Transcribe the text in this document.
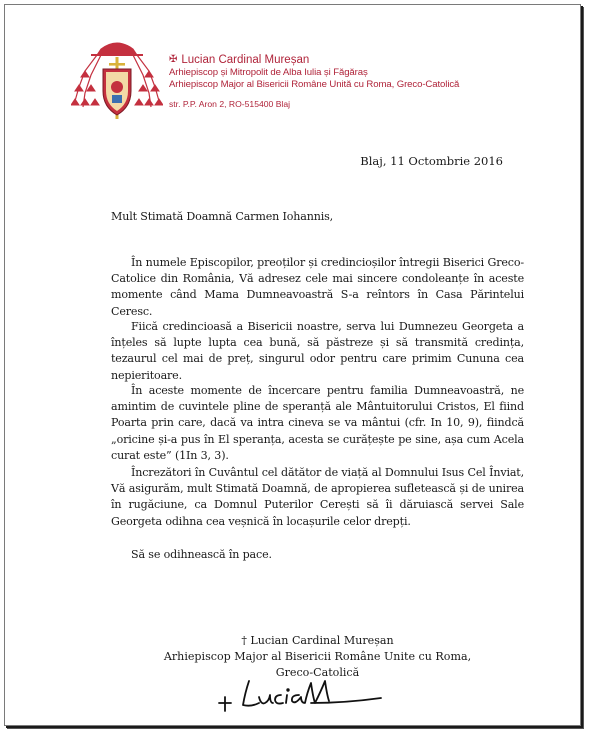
✠ Lucian Cardinal Mureșan
Arhiepiscop și Mitropolit de Alba Iulia și Făgăraș
Arhiepiscop Major al Bisericii Române Unită cu Roma, Greco-Catolică
str. P.P. Aron 2, RO-515400 Blaj
Blaj, 11 Octombrie 2016
Mult Stimată Doamnă Carmen Iohannis,

În numele Episcopilor, preoților și credincioșilor întregii Biserici Greco-Catolice din România, Vă adresez cele mai sincere condoleanțe în aceste momente când Mama Dumneavoastră S-a reîntors în Casa Părintelui Ceresc.

Fiică credincioasă a Bisericii noastre, serva lui Dumnezeu Georgeta a înțeles să lupte lupta cea bună, să păstreze și să transmită credința, tezaurul cel mai de preț, singurul odor pentru care primim Cununa cea nepieritoare.

În aceste momente de încercare pentru familia Dumneavoastră, ne amintim de cuvintele pline de speranță ale Mântuitorului Cristos, El fiind Poarta prin care, dacă va intra cineva se va mântui (cfr. In 10, 9), fiindcă „oricine și-a pus în El speranța, acesta se curățește pe sine, așa cum Acela curat este” (1In 3, 3).

Încrezători în Cuvântul cel dătător de viață al Domnului Isus Cel Înviat, Vă asigurăm, mult Stimată Doamnă, de apropierea sufletească și de unirea în rugăciune, ca Domnul Puterilor Cerești să îi dăruiască servei Sale Georgeta odihna cea veșnică în locașurile celor drepți.

Să se odihnească în pace.

† Lucian Cardinal Mureșan
Arhiepiscop Major al Bisericii Române Unite cu Roma,
Greco-Catolică
